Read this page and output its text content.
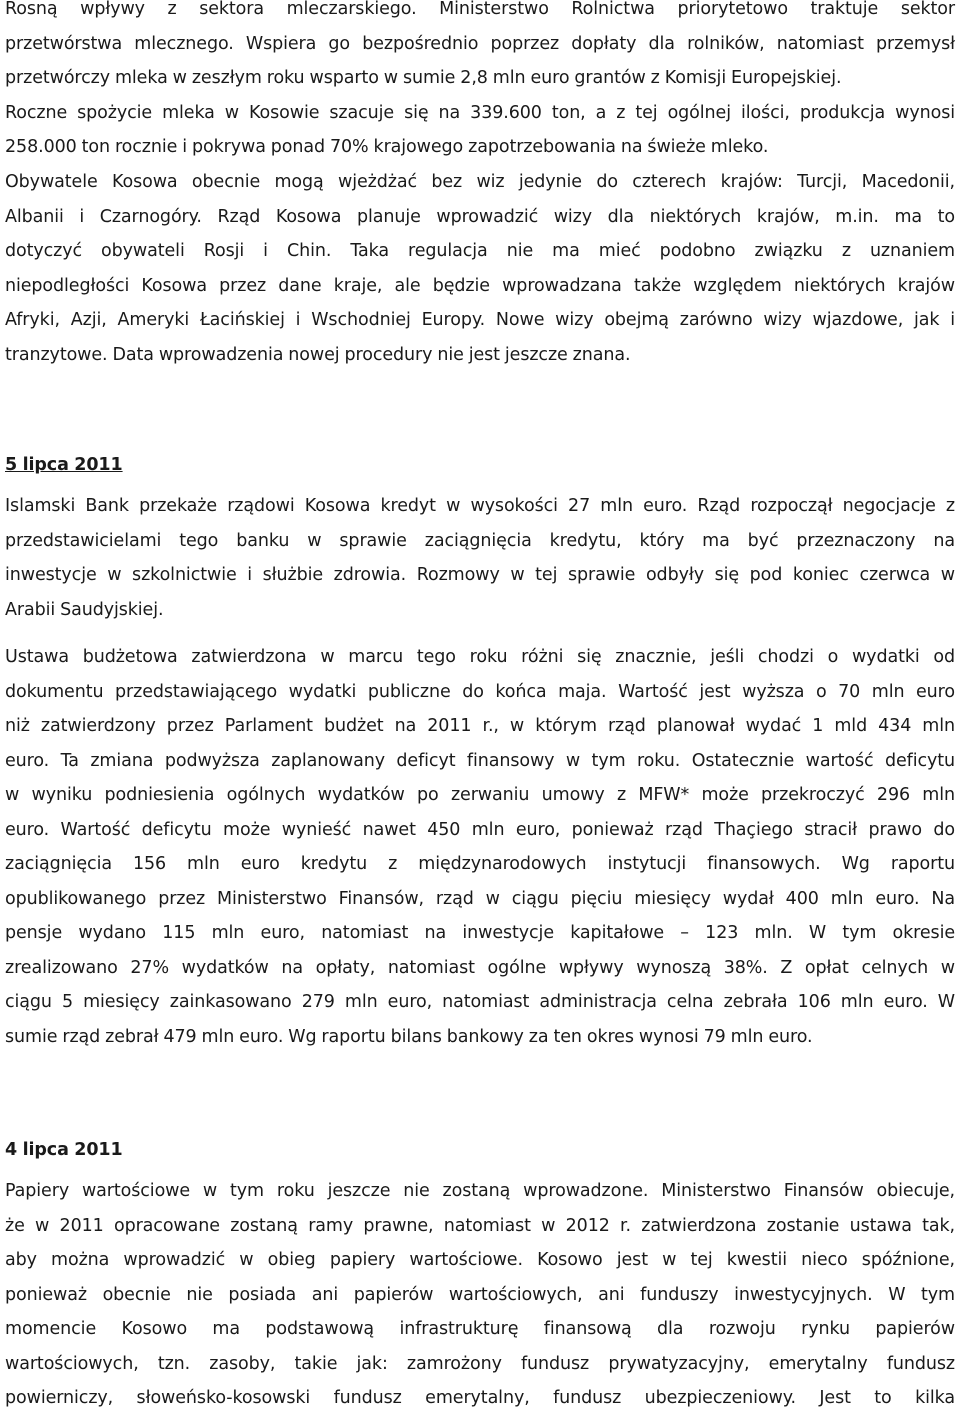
Rosną wpływy z sektora mleczarskiego. Ministerstwo Rolnictwa priorytetowo traktuje sektor
przetwórstwa mlecznego. Wspiera go bezpośrednio poprzez dopłaty dla rolników, natomiast przemysł
przetwórczy mleka w zeszłym roku wsparto w sumie 2,8 mln euro grantów z Komisji Europejskiej.
Roczne spożycie mleka w Kosowie szacuje się na 339.600 ton, a z tej ogólnej ilości, produkcja wynosi
258.000 ton rocznie i pokrywa ponad 70% krajowego zapotrzebowania na świeże mleko.
Obywatele Kosowa obecnie mogą wjeżdżać bez wiz jedynie do czterech krajów: Turcji, Macedonii,
Albanii i Czarnogóry. Rząd Kosowa planuje wprowadzić wizy dla niektórych krajów, m.in. ma to
dotyczyć obywateli Rosji i Chin. Taka regulacja nie ma mieć podobno związku z uznaniem
niepodległości Kosowa przez dane kraje, ale będzie wprowadzana także względem niektórych krajów
Afryki, Azji, Ameryki Łacińskiej i Wschodniej Europy. Nowe wizy obejmą zarówno wizy wjazdowe, jak i
tranzytowe. Data wprowadzenia nowej procedury nie jest jeszcze znana.
5 lipca 2011
Islamski Bank przekaże rządowi Kosowa kredyt w wysokości 27 mln euro. Rząd rozpoczął negocjacje z
przedstawicielami tego banku w sprawie zaciągnięcia kredytu, który ma być przeznaczony na
inwestycje w szkolnictwie i służbie zdrowia. Rozmowy w tej sprawie odbyły się pod koniec czerwca w
Arabii Saudyjskiej.
Ustawa budżetowa zatwierdzona w marcu tego roku różni się znacznie, jeśli chodzi o wydatki od
dokumentu przedstawiającego wydatki publiczne do końca maja. Wartość jest wyższa o 70 mln euro
niż zatwierdzony przez Parlament budżet na 2011 r., w którym rząd planował wydać 1 mld 434 mln
euro. Ta zmiana podwyższa zaplanowany deficyt finansowy w tym roku. Ostatecznie wartość deficytu
w wyniku podniesienia ogólnych wydatków po zerwaniu umowy z MFW* może przekroczyć 296 mln
euro. Wartość deficytu może wynieść nawet 450 mln euro, ponieważ rząd Thaçiego stracił prawo do
zaciągnięcia 156 mln euro kredytu z międzynarodowych instytucji finansowych. Wg raportu
opublikowanego przez Ministerstwo Finansów, rząd w ciągu pięciu miesięcy wydał 400 mln euro. Na
pensje wydano 115 mln euro, natomiast na inwestycje kapitałowe – 123 mln. W tym okresie
zrealizowano 27% wydatków na opłaty, natomiast ogólne wpływy wynoszą 38%. Z opłat celnych w
ciągu 5 miesięcy zainkasowano 279 mln euro, natomiast administracja celna zebrała 106 mln euro. W
sumie rząd zebrał 479 mln euro. Wg raportu bilans bankowy za ten okres wynosi 79 mln euro.
4 lipca 2011
Papiery wartościowe w tym roku jeszcze nie zostaną wprowadzone. Ministerstwo Finansów obiecuje,
że w 2011 opracowane zostaną ramy prawne, natomiast w 2012 r. zatwierdzona zostanie ustawa tak,
aby można wprowadzić w obieg papiery wartościowe. Kosowo jest w tej kwestii nieco spóźnione,
ponieważ obecnie nie posiada ani papierów wartościowych, ani funduszy inwestycyjnych. W tym
momencie Kosowo ma podstawową infrastrukturę finansową dla rozwoju rynku papierów
wartościowych, tzn. zasoby, takie jak: zamrożony fundusz prywatyzacyjny, emerytalny fundusz
powierniczy, słoweńsko-kosowski fundusz emerytalny, fundusz ubezpieczeniowy. Jest to kilka
